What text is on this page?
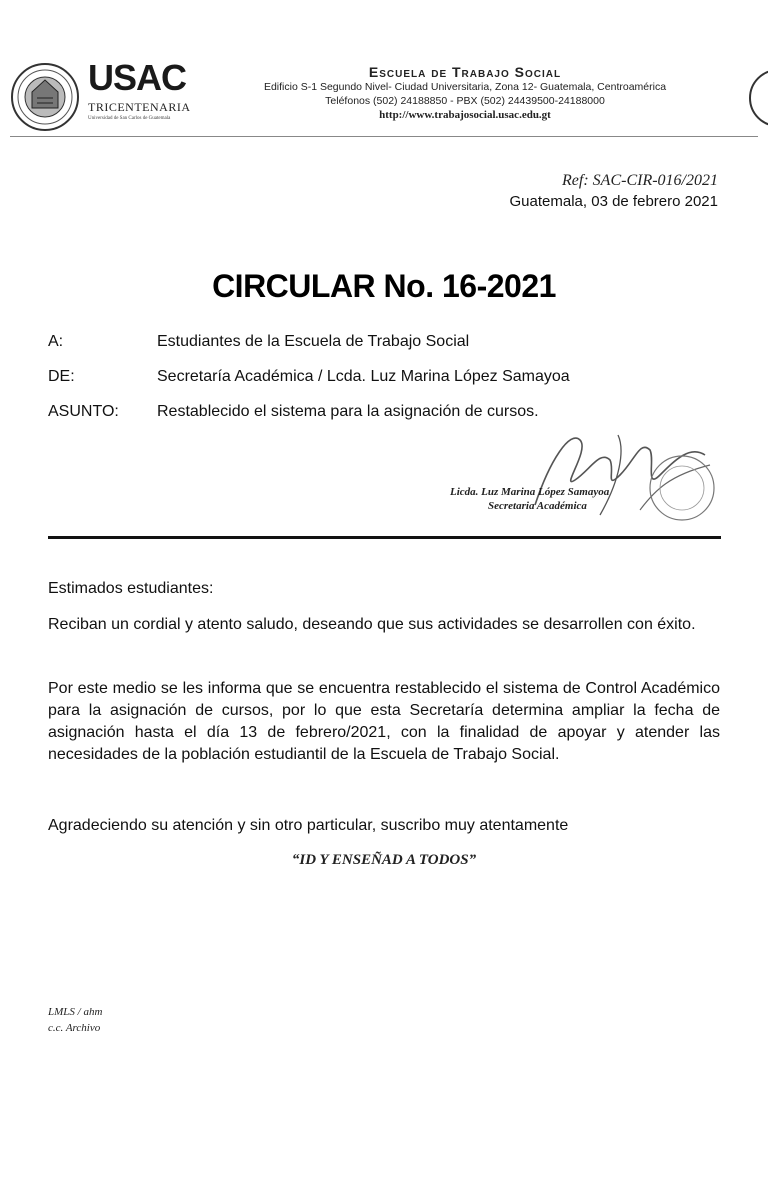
USAC
TRICENTENARIA
Universidad de San Carlos de Guatemala
Escuela de Trabajo Social
Edificio S-1 Segundo Nivel- Ciudad Universitaria, Zona 12- Guatemala, Centroamérica
Teléfonos (502) 24188850 - PBX (502) 24439500-24188000
http://www.trabajosocial.usac.edu.gt
Ref: SAC-CIR-016/2021
Guatemala, 03 de febrero 2021
CIRCULAR No. 16-2021
A:	Estudiantes de la Escuela de Trabajo Social
DE:	Secretaría Académica / Lcda. Luz Marina López Samayoa
ASUNTO:	Restablecido el sistema para la asignación de cursos.
Licda. Luz Marina López Samayoa
Secretaria Académica

Estimados estudiantes:

Reciban un cordial y atento saludo, deseando que sus actividades se desarrollen con éxito.

Por este medio se les informa que se encuentra restablecido el sistema de Control Académico para la asignación de cursos, por lo que esta Secretaría determina ampliar la fecha de asignación hasta el día 13 de febrero/2021, con la finalidad de apoyar y atender las necesidades de la población estudiantil de la Escuela de Trabajo Social.

Agradeciendo su atención y sin otro particular, suscribo muy atentamente

“ID Y ENSEÑAD A TODOS”
LMLS / ahm
c.c. Archivo
